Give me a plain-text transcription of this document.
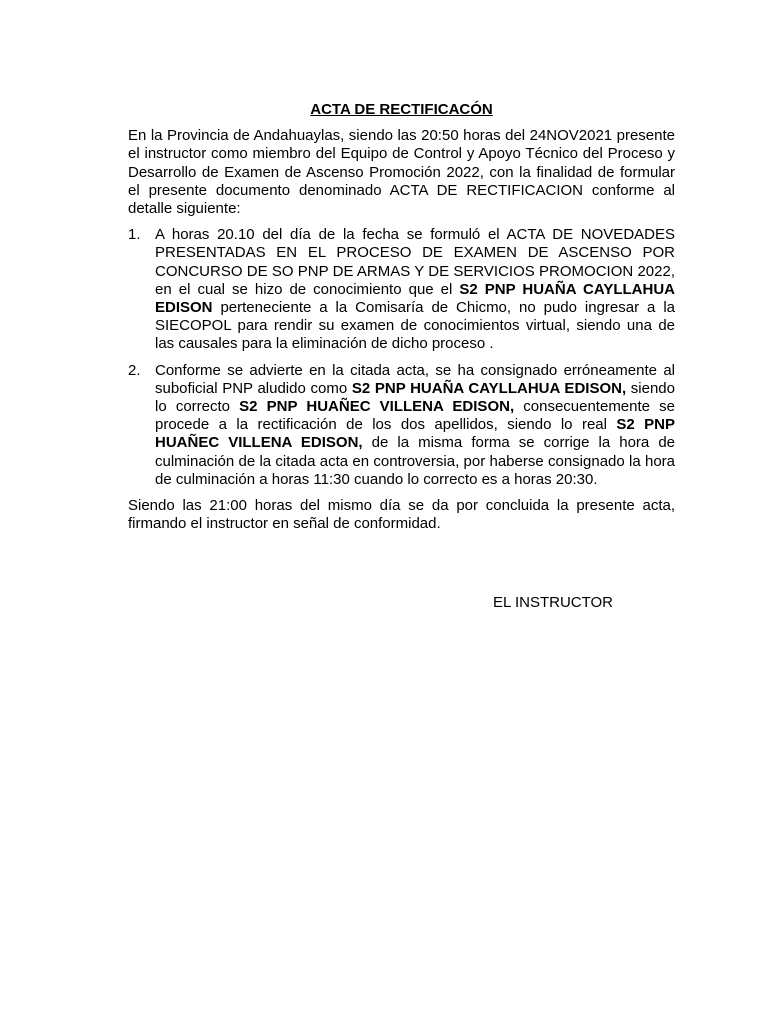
ACTA DE RECTIFICACÓN
En la Provincia de Andahuaylas, siendo las 20:50 horas del 24NOV2021 presente el instructor como miembro del Equipo de Control y Apoyo Técnico del Proceso y Desarrollo de Examen de Ascenso Promoción 2022, con la finalidad de formular el presente documento denominado ACTA DE RECTIFICACION conforme al detalle siguiente:
1. A horas 20.10 del día de la fecha se formuló el ACTA DE NOVEDADES PRESENTADAS EN EL PROCESO DE EXAMEN DE ASCENSO POR CONCURSO DE SO PNP DE ARMAS Y DE SERVICIOS PROMOCION 2022, en el cual se hizo de conocimiento que el S2 PNP HUAÑA CAYLLAHUA EDISON perteneciente a la Comisaría de Chicmo, no pudo ingresar a la SIECOPOL para rendir su examen de conocimientos virtual, siendo una de las causales para la eliminación de dicho proceso .
2. Conforme se advierte en la citada acta, se ha consignado erróneamente al suboficial PNP aludido como S2 PNP HUAÑA CAYLLAHUA EDISON, siendo lo correcto S2 PNP HUAÑEC VILLENA EDISON, consecuentemente se procede a la rectificación de los dos apellidos, siendo lo real S2 PNP HUAÑEC VILLENA EDISON, de la misma forma se corrige la hora de culminación de la citada acta en controversia, por haberse consignado la hora de culminación a horas 11:30 cuando lo correcto es a horas 20:30.
Siendo las 21:00 horas del mismo día se da por concluida la presente acta, firmando el instructor en señal de conformidad.
EL INSTRUCTOR
